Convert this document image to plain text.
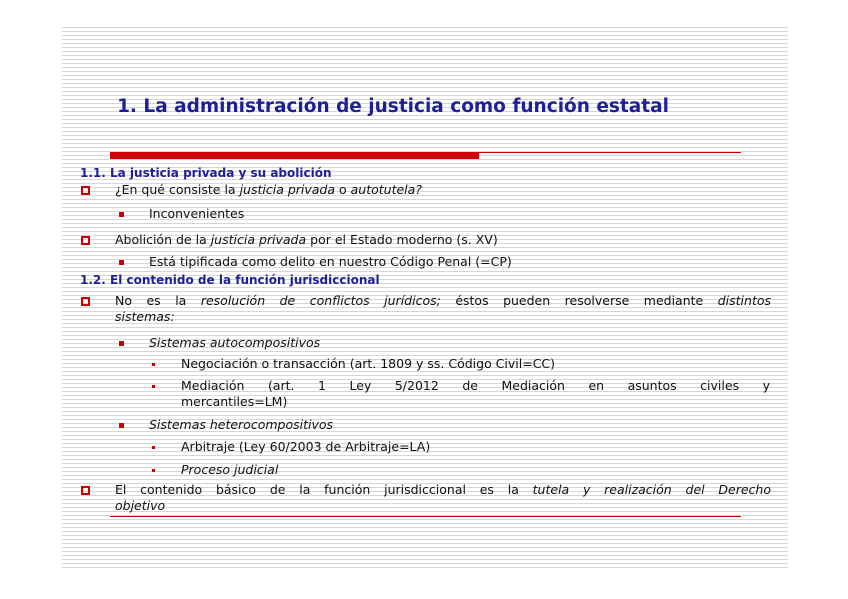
1. La administración de justicia como función estatal
1.1. La justicia privada y su abolición
¿En qué consiste la justicia privada o autotutela?
Inconvenientes
Abolición de la justicia privada por el Estado moderno (s. XV)
Está tipificada como delito en nuestro Código Penal (=CP)
1.2. El contenido de la función jurisdiccional
No es la resolución de conflictos jurídicos; éstos pueden resolverse mediante distintos
sistemas:
Sistemas autocompositivos
Negociación o transacción (art. 1809 y ss. Código Civil=CC)
Mediación (art. 1 Ley 5/2012 de Mediación en asuntos civiles y
mercantiles=LM)
Sistemas heterocompositivos
Arbitraje (Ley 60/2003 de Arbitraje=LA)
Proceso judicial
El contenido básico de la función jurisdiccional es la tutela y realización del Derecho
objetivo
